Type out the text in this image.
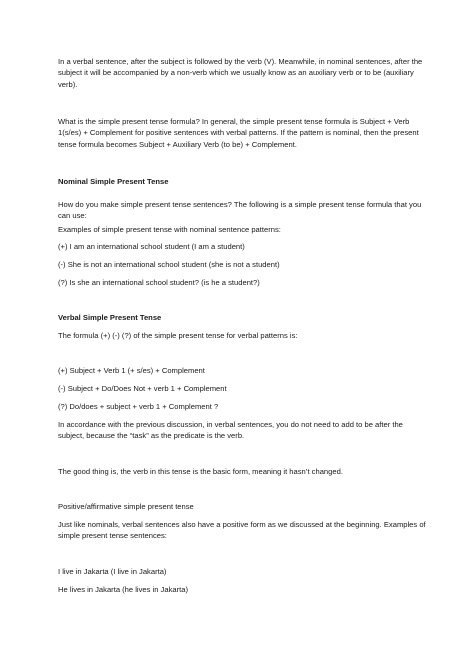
In a verbal sentence, after the subject is followed by the verb (V). Meanwhile, in nominal sentences, after the subject it will be accompanied by a non-verb which we usually know as an auxiliary verb or to be (auxiliary verb).

What is the simple present tense formula? In general, the simple present tense formula is Subject + Verb 1(s/es) + Complement for positive sentences with verbal patterns. If the pattern is nominal, then the present tense formula becomes Subject + Auxiliary Verb (to be) + Complement.

Nominal Simple Present Tense

How do you make simple present tense sentences? The following is a simple present tense formula that you can use:

Examples of simple present tense with nominal sentence patterns:

(+) I am an international school student (I am a student)

(-) She is not an international school student (she is not a student)

(?) Is she an international school student? (is he a student?)

Verbal Simple Present Tense

The formula (+) (-) (?) of the simple present tense for verbal patterns is:

(+) Subject + Verb 1 (+ s/es) + Complement

(-) Subject + Do/Does Not + verb 1 + Complement

(?) Do/does + subject + verb 1 + Complement ?

In accordance with the previous discussion, in verbal sentences, you do not need to add to be after the subject, because the “task” as the predicate is the verb.

The good thing is, the verb in this tense is the basic form, meaning it hasn’t changed.

Positive/affirmative simple present tense

Just like nominals, verbal sentences also have a positive form as we discussed at the beginning. Examples of simple present tense sentences:

I live in Jakarta (I live in Jakarta)

He lives in Jakarta (he lives in Jakarta)
